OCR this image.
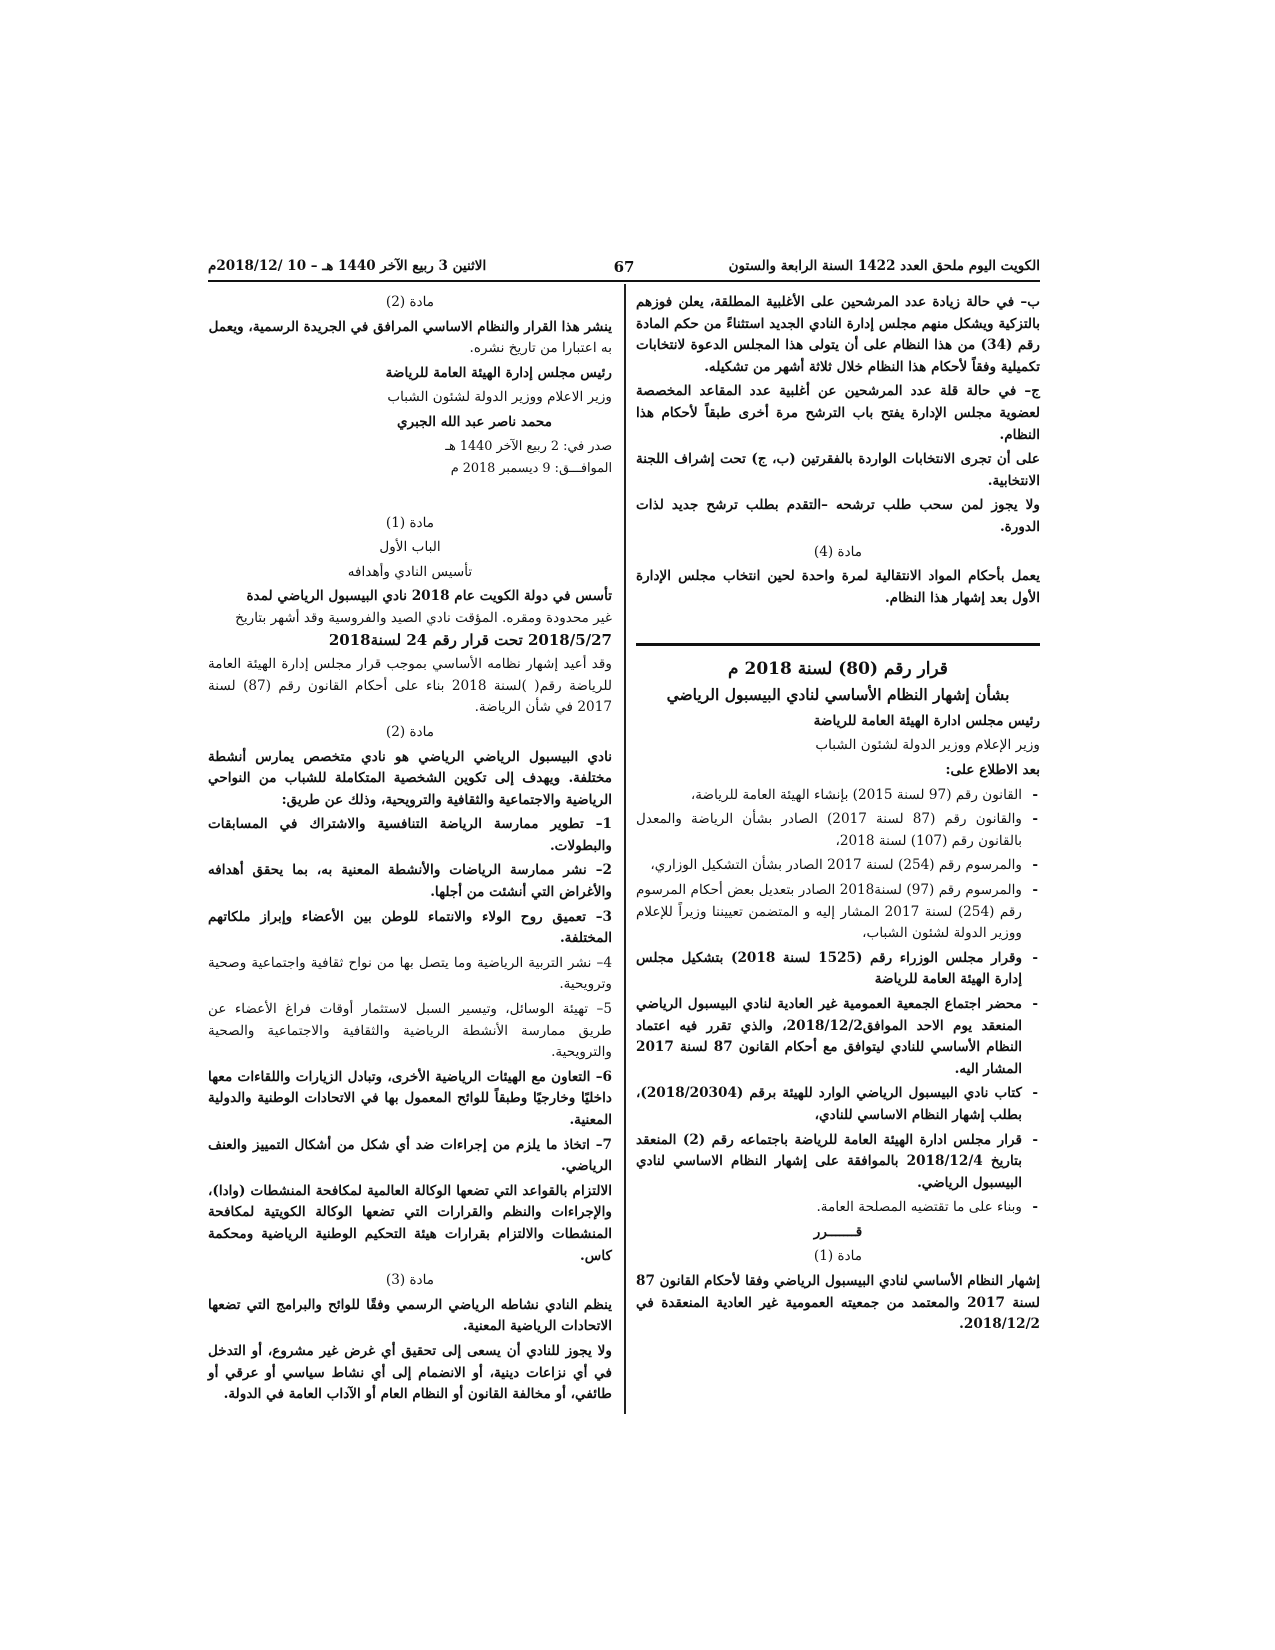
الكويت اليوم ملحق العدد 1422 السنة الرابعة والستون
67
الاثنين 3 ربيع الآخر 1440 هـ – 10 /2018/12م

ب– في حالة زيادة عدد المرشحين على الأغلبية المطلقة، يعلن فوزهم بالتزكية ويشكل منهم مجلس إدارة النادي الجديد استثناءً من حكم المادة رقم (34) من هذا النظام على أن يتولى هذا المجلس الدعوة لانتخابات تكميلية وفقاً لأحكام هذا النظام خلال ثلاثة أشهر من تشكيله.

ج– في حالة قلة عدد المرشحين عن أغلبية عدد المقاعد المخصصة لعضوية مجلس الإدارة يفتح باب الترشح مرة أخرى طبقاً لأحكام هذا النظام.

على أن تجرى الانتخابات الواردة بالفقرتين (ب، ج) تحت إشراف اللجنة الانتخابية.

ولا يجوز لمن سحب طلب ترشحه –التقدم بطلب ترشح جديد لذات الدورة.

مادة (4)

يعمل بأحكام المواد الانتقالية لمرة واحدة لحين انتخاب مجلس الإدارة الأول بعد إشهار هذا النظام.

قرار رقم (80) لسنة 2018 م
بشأن إشهار النظام الأساسي لنادي البيسبول الرياضي

رئيس مجلس ادارة الهيئة العامة للرياضة

وزير الإعلام ووزير الدولة لشئون الشباب

بعد الاطلاع على:

- القانون رقم (97 لسنة 2015) بإنشاء الهيئة العامة للرياضة،

- والقانون رقم (87 لسنة 2017) الصادر بشأن الرياضة والمعدل بالقانون رقم (107) لسنة 2018،

- والمرسوم رقم (254) لسنة 2017 الصادر بشأن التشكيل الوزاري،

- والمرسوم رقم (97) لسنة2018 الصادر بتعديل بعض أحكام المرسوم رقم (254) لسنة 2017 المشار إليه و المتضمن تعييننا وزيراً للإعلام ووزير الدولة لشئون الشباب،

- وقرار مجلس الوزراء رقم (1525 لسنة 2018) بتشكيل مجلس إدارة الهيئة العامة للرياضة

- محضر اجتماع الجمعية العمومية غير العادية لنادي البيسبول الرياضي المنعقد يوم الاحد الموافق2018/12/2، والذي تقرر فيه اعتماد النظام الأساسي للنادي ليتوافق مع أحكام القانون 87 لسنة 2017 المشار اليه.

- كتاب نادي البيسبول الرياضي الوارد للهيئة برقم (2018/20304)، بطلب إشهار النظام الاساسي للنادي،

- قرار مجلس ادارة الهيئة العامة للرياضة باجتماعه رقم (2) المنعقد بتاريخ 2018/12/4 بالموافقة على إشهار النظام الاساسي لنادي البيسبول الرياضي.

- وبناء على ما تقتضيه المصلحة العامة.

قـــــــرر

مادة (1)

إشهار النظام الأساسي لنادي البيسبول الرياضي وفقا لأحكام القانون 87 لسنة 2017 والمعتمد من جمعيته العمومية غير العادية المنعقدة في 2018/12/2.

مادة (2)

ينشر هذا القرار والنظام الاساسي المرافق في الجريدة الرسمية، ويعمل

به اعتبارا من تاريخ نشره.

رئيس مجلس إدارة الهيئة العامة للرياضة

وزير الاعلام ووزير الدولة لشئون الشباب

محمد ناصر عبد الله الجبري

صدر في: 2 ربيع الآخر 1440 هـ

الموافـــق: 9 ديسمبر 2018 م

مادة (1)

الباب الأول

تأسيس النادي وأهدافه

تأسس في دولة الكويت عام 2018 نادي البيسبول الرياضي لمدة

غير محدودة ومقره. المؤقت نادي الصيد والفروسية وقد أشهر بتاريخ

2018/5/27 تحت قرار رقم 24 لسنة2018

وقد أعيد إشهار نظامه الأساسي بموجب قرار مجلس إدارة الهيئة العامة للرياضة رقم( )لسنة 2018 بناء على أحكام القانون رقم (87) لسنة 2017 في شأن الرياضة.

مادة (2)

نادي البيسبول الرياضي الرياضي هو نادي متخصص يمارس أنشطة مختلفة. ويهدف إلى تكوين الشخصية المتكاملة للشباب من النواحي الرياضية والاجتماعية والثقافية والترويحية، وذلك عن طريق:

1– تطوير ممارسة الرياضة التنافسية والاشتراك في المسابقات والبطولات.

2– نشر ممارسة الرياضات والأنشطة المعنية به، بما يحقق أهدافه والأغراض التي أنشئت من أجلها.

3– تعميق روح الولاء والانتماء للوطن بين الأعضاء وإبراز ملكاتهم المختلفة.

4– نشر التربية الرياضية وما يتصل بها من نواح ثقافية واجتماعية وصحية وترويحية.

5– تهيئة الوسائل، وتيسير السبل لاستثمار أوقات فراغ الأعضاء عن طريق ممارسة الأنشطة الرياضية والثقافية والاجتماعية والصحية والترويحية.

6– التعاون مع الهيئات الرياضية الأخرى، وتبادل الزيارات واللقاءات معها داخليًا وخارجيًا وطبقاً للوائح المعمول بها في الاتحادات الوطنية والدولية المعنية.

7– اتخاذ ما يلزم من إجراءات ضد أي شكل من أشكال التمييز والعنف الرياضي.

الالتزام بالقواعد التي تضعها الوكالة العالمية لمكافحة المنشطات (وادا)، والإجراءات والنظم والقرارات التي تضعها الوكالة الكويتية لمكافحة المنشطات والالتزام بقرارات هيئة التحكيم الوطنية الرياضية ومحكمة كاس.

مادة (3)

ينظم النادي نشاطه الرياضي الرسمي وفقًا للوائح والبرامج التي تضعها الاتحادات الرياضية المعنية.

ولا يجوز للنادي أن يسعى إلى تحقيق أي غرض غير مشروع، أو التدخل في أي نزاعات دينية، أو الانضمام إلى أي نشاط سياسي أو عرقي أو طائفي، أو مخالفة القانون أو النظام العام أو الآداب العامة في الدولة.
